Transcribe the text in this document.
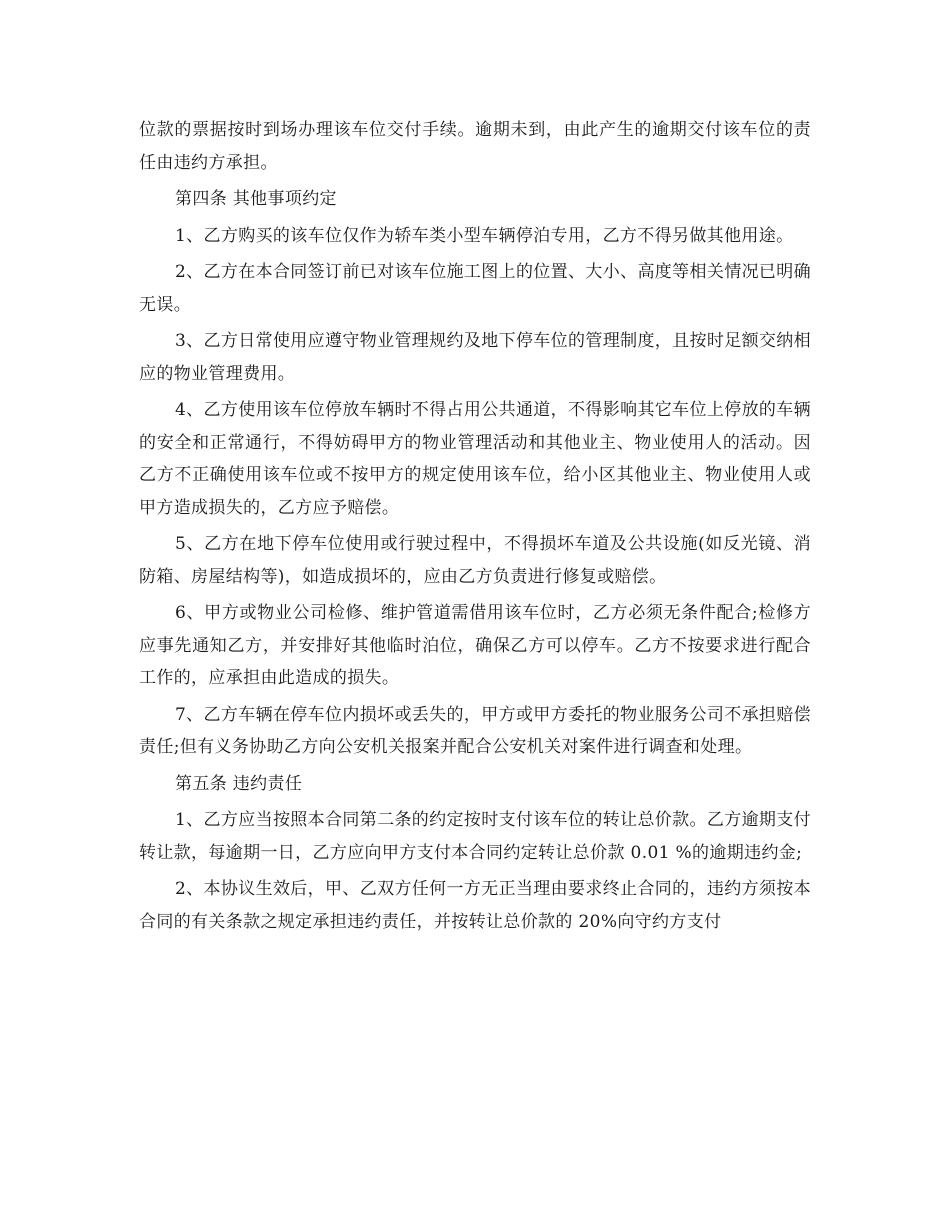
位款的票据按时到场办理该车位交付手续。逾期未到，由此产生的逾期交付该车位的责任由违约方承担。

第四条 其他事项约定

1、乙方购买的该车位仅作为轿车类小型车辆停泊专用，乙方不得另做其他用途。

2、乙方在本合同签订前已对该车位施工图上的位置、大小、高度等相关情况已明确无误。

3、乙方日常使用应遵守物业管理规约及地下停车位的管理制度，且按时足额交纳相应的物业管理费用。

4、乙方使用该车位停放车辆时不得占用公共通道，不得影响其它车位上停放的车辆的安全和正常通行，不得妨碍甲方的物业管理活动和其他业主、物业使用人的活动。因乙方不正确使用该车位或不按甲方的规定使用该车位，给小区其他业主、物业使用人或甲方造成损失的，乙方应予赔偿。

5、乙方在地下停车位使用或行驶过程中，不得损坏车道及公共设施(如反光镜、消防箱、房屋结构等)，如造成损坏的，应由乙方负责进行修复或赔偿。

6、甲方或物业公司检修、维护管道需借用该车位时，乙方必须无条件配合;检修方应事先通知乙方，并安排好其他临时泊位，确保乙方可以停车。乙方不按要求进行配合工作的，应承担由此造成的损失。

7、乙方车辆在停车位内损坏或丢失的，甲方或甲方委托的物业服务公司不承担赔偿责任;但有义务协助乙方向公安机关报案并配合公安机关对案件进行调查和处理。

第五条 违约责任

1、乙方应当按照本合同第二条的约定按时支付该车位的转让总价款。乙方逾期支付转让款，每逾期一日，乙方应向甲方支付本合同约定转让总价款 0.01 %的逾期违约金;

2、本协议生效后，甲、乙双方任何一方无正当理由要求终止合同的，违约方须按本合同的有关条款之规定承担违约责任，并按转让总价款的 20%向守约方支付
